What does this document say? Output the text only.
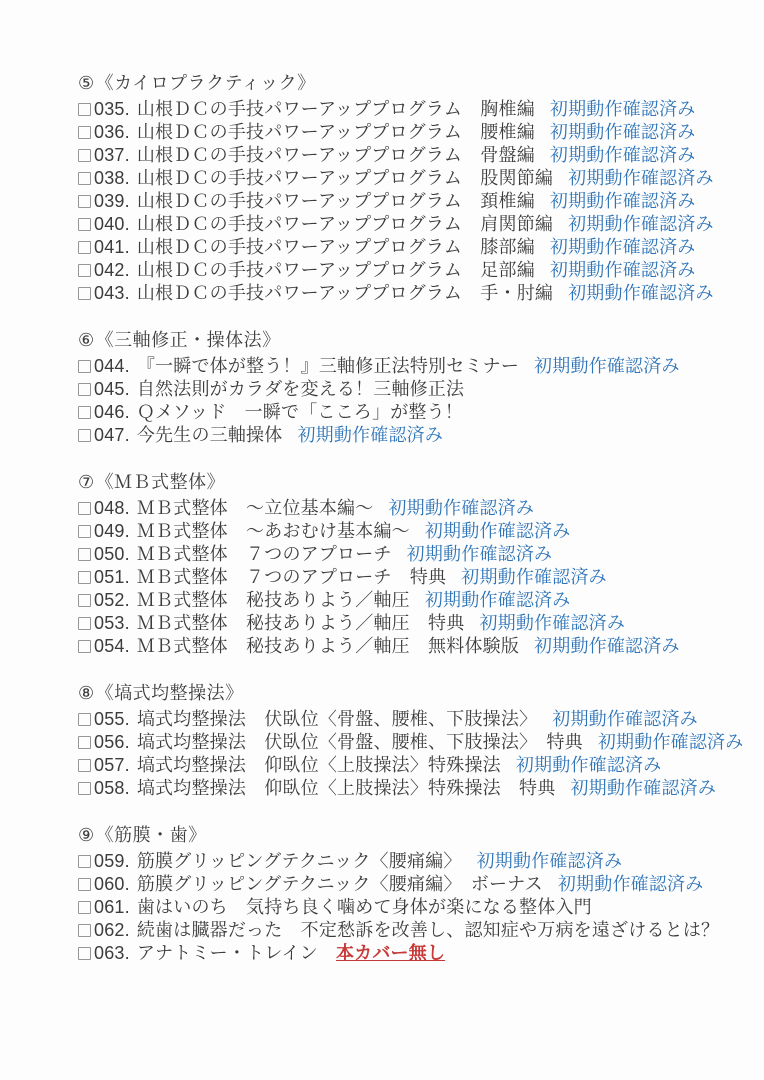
⑤《カイロプラクティック》
035. 山根ＤＣの手技パワーアッププログラム　胸椎編 初期動作確認済み
036. 山根ＤＣの手技パワーアッププログラム　腰椎編 初期動作確認済み
037. 山根ＤＣの手技パワーアッププログラム　骨盤編 初期動作確認済み
038. 山根ＤＣの手技パワーアッププログラム　股関節編 初期動作確認済み
039. 山根ＤＣの手技パワーアッププログラム　頚椎編 初期動作確認済み
040. 山根ＤＣの手技パワーアッププログラム　肩関節編 初期動作確認済み
041. 山根ＤＣの手技パワーアッププログラム　膝部編 初期動作確認済み
042. 山根ＤＣの手技パワーアッププログラム　足部編 初期動作確認済み
043. 山根ＤＣの手技パワーアッププログラム　手・肘編 初期動作確認済み
⑥《三軸修正・操体法》
044. 『一瞬で体が整う！』三軸修正法特別セミナー 初期動作確認済み
045. 自然法則がカラダを変える！三軸修正法
046. Ｑメソッド　一瞬で「こころ」が整う！
047. 今先生の三軸操体 初期動作確認済み
⑦《ＭＢ式整体》
048. ＭＢ式整体　～立位基本編～ 初期動作確認済み
049. ＭＢ式整体　～あおむけ基本編～ 初期動作確認済み
050. ＭＢ式整体　７つのアプローチ 初期動作確認済み
051. ＭＢ式整体　７つのアプローチ　特典 初期動作確認済み
052. ＭＢ式整体　秘技ありよう／軸圧 初期動作確認済み
053. ＭＢ式整体　秘技ありよう／軸圧　特典 初期動作確認済み
054. ＭＢ式整体　秘技ありよう／軸圧　無料体験版 初期動作確認済み
⑧《塙式均整操法》
055. 塙式均整操法　伏臥位〈骨盤、腰椎、下肢操法〉 初期動作確認済み
056. 塙式均整操法　伏臥位〈骨盤、腰椎、下肢操法〉　特典 初期動作確認済み
057. 塙式均整操法　仰臥位〈上肢操法〉特殊操法 初期動作確認済み
058. 塙式均整操法　仰臥位〈上肢操法〉特殊操法　特典 初期動作確認済み
⑨《筋膜・歯》
059. 筋膜グリッピングテクニック〈腰痛編〉 初期動作確認済み
060. 筋膜グリッピングテクニック〈腰痛編〉　ボーナス 初期動作確認済み
061. 歯はいのち　気持ち良く噛めて身体が楽になる整体入門
062. 続歯は臓器だった　不定愁訴を改善し、認知症や万病を遠ざけるとは？
063. アナトミー・トレイン 本カバー無し
